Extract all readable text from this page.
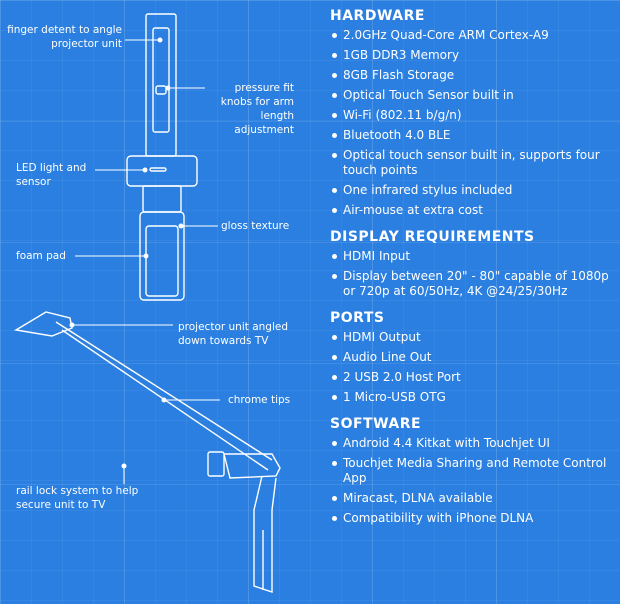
finger detent to angle projector unit
pressure fit knobs for arm length adjustment
LED light and sensor
gloss texture
foam pad
projector unit angled down towards TV
chrome tips
rail lock system to help secure unit to TV
HARDWARE
2.0GHz Quad-Core ARM Cortex-A9
1GB DDR3 Memory
8GB Flash Storage
Optical Touch Sensor built in
Wi-Fi (802.11 b/g/n)
Bluetooth 4.0 BLE
Optical touch sensor built in, supports four touch points
One infrared stylus included
Air-mouse at extra cost
DISPLAY REQUIREMENTS
HDMI Input
Display between 20" - 80" capable of 1080p or 720p at 60/50Hz, 4K @24/25/30Hz
PORTS
HDMI Output
Audio Line Out
2 USB 2.0 Host Port
1 Micro-USB OTG
SOFTWARE
Android 4.4 Kitkat with Touchjet UI
Touchjet Media Sharing and Remote Control App
Miracast, DLNA available
Compatibility with iPhone DLNA
